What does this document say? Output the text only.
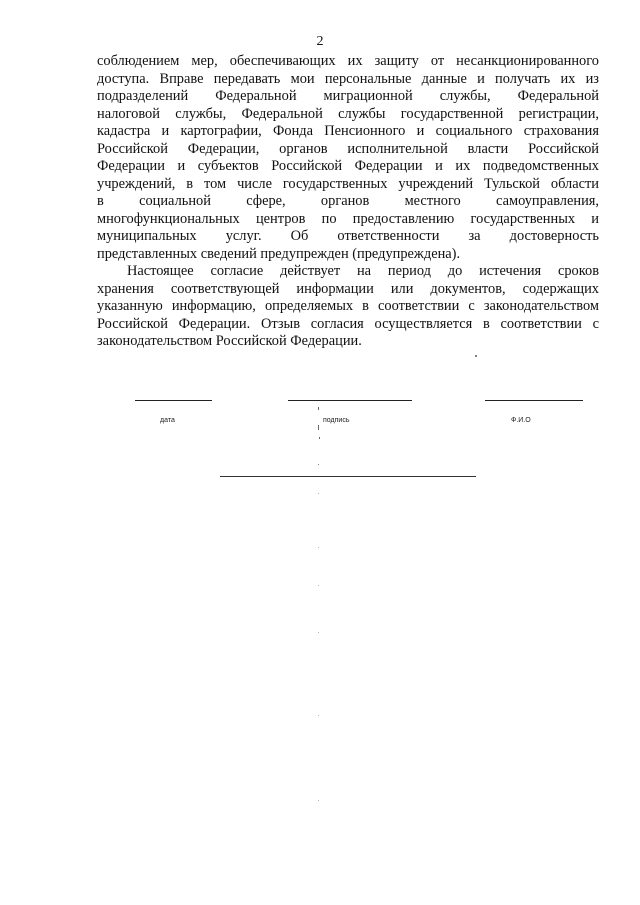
2
соблюдением мер, обеспечивающих их защиту от несанкционированного
доступа. Вправе передавать мои персональные данные и получать их из
подразделений Федеральной миграционной службы, Федеральной
налоговой службы, Федеральной службы государственной регистрации,
кадастра и картографии, Фонда Пенсионного и социального страхования
Российской Федерации, органов исполнительной власти Российской
Федерации и субъектов Российской Федерации и их подведомственных
учреждений, в том числе государственных учреждений Тульской области
в социальной сфере, органов местного самоуправления,
многофункциональных центров по предоставлению государственных и
муниципальных услуг. Об ответственности за достоверность
представленных сведений предупрежден (предупреждена).
Настоящее согласие действует на период до истечения сроков
хранения соответствующей информации или документов, содержащих
указанную информацию, определяемых в соответствии с законодательством
Российской Федерации. Отзыв согласия осуществляется в соответствии с
законодательством Российской Федерации.
дата	подпись	Ф.И.О
